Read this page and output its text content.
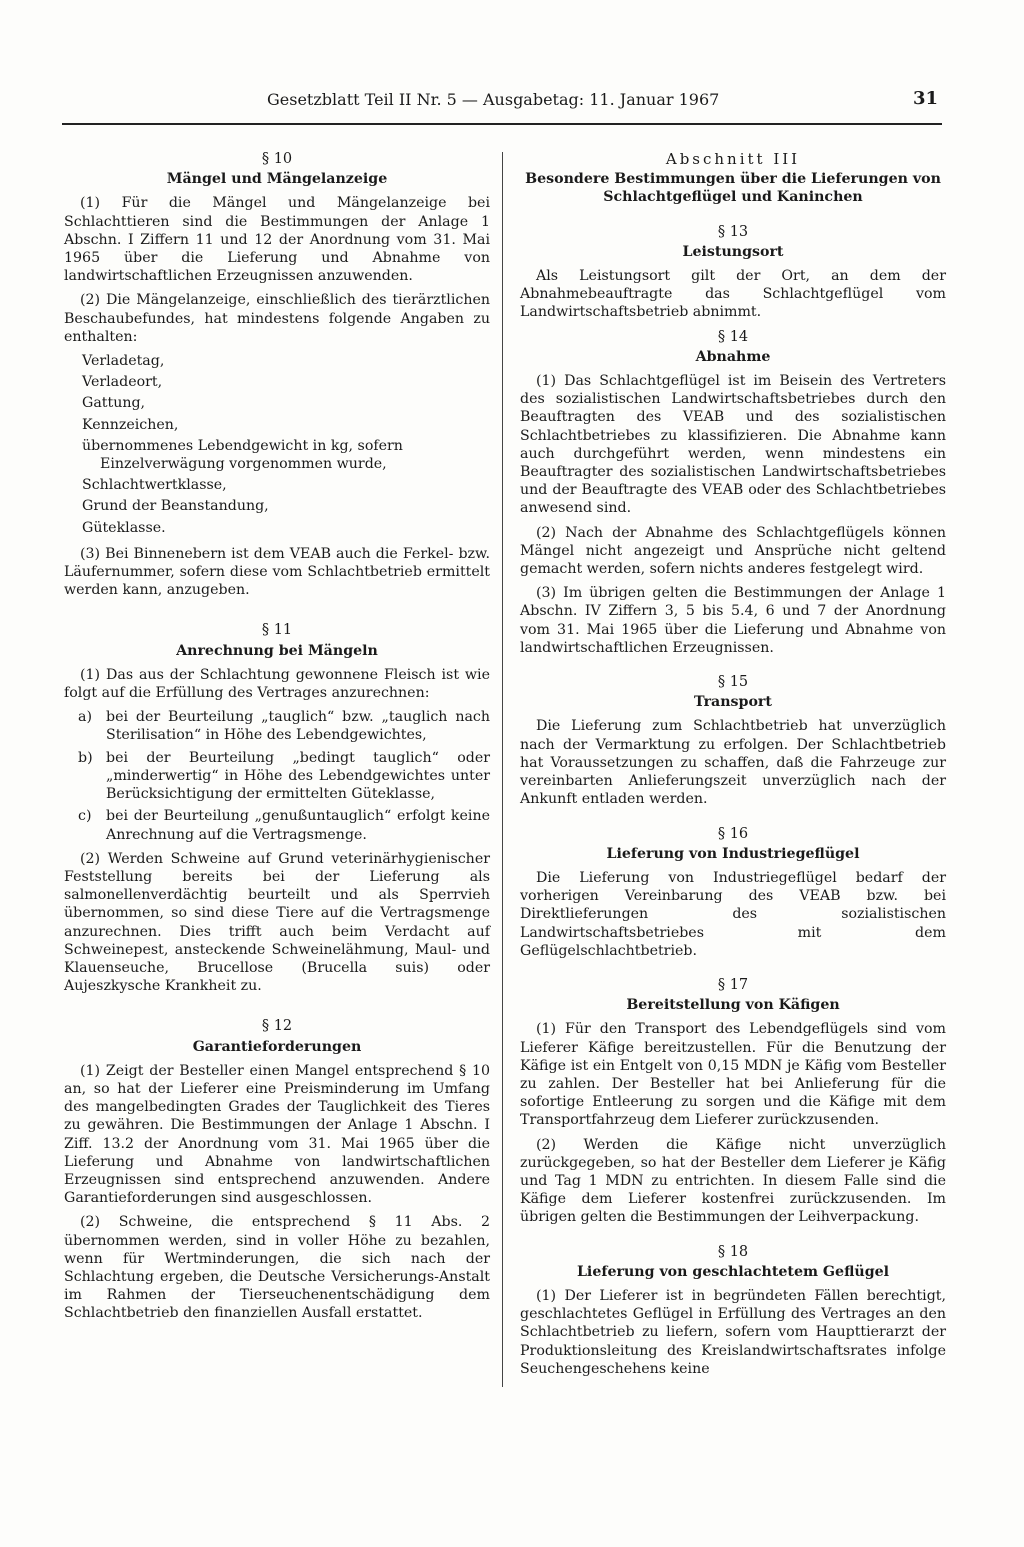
Gesetzblatt Teil II Nr. 5 — Ausgabetag: 11. Januar 1967	31
§ 10
Mängel und Mängelanzeige

(1) Für die Mängel und Mängelanzeige bei Schlachttieren sind die Bestimmungen der Anlage 1 Abschn. I Ziffern 11 und 12 der Anordnung vom 31. Mai 1965 über die Lieferung und Abnahme von landwirtschaftlichen Erzeugnissen anzuwenden.

(2) Die Mängelanzeige, einschließlich des tierärztlichen Beschaubefundes, hat mindestens folgende Angaben zu enthalten:

Verladetag,
Verladeort,
Gattung,
Kennzeichen,
übernommenes Lebendgewicht in kg, sofern Einzelverwägung vorgenommen wurde,
Schlachtwertklasse,
Grund der Beanstandung,
Güteklasse.

(3) Bei Binnenebern ist dem VEAB auch die Ferkel- bzw. Läufernummer, sofern diese vom Schlachtbetrieb ermittelt werden kann, anzugeben.

§ 11
Anrechnung bei Mängeln

(1) Das aus der Schlachtung gewonnene Fleisch ist wie folgt auf die Erfüllung des Vertrages anzurechnen:

a) bei der Beurteilung „tauglich“ bzw. „tauglich nach Sterilisation“ in Höhe des Lebendgewichtes,
b) bei der Beurteilung „bedingt tauglich“ oder „minderwertig“ in Höhe des Lebendgewichtes unter Berücksichtigung der ermittelten Güteklasse,
c) bei der Beurteilung „genußuntauglich“ erfolgt keine Anrechnung auf die Vertragsmenge.

(2) Werden Schweine auf Grund veterinärhygienischer Feststellung bereits bei der Lieferung als salmonellenverdächtig beurteilt und als Sperrvieh übernommen, so sind diese Tiere auf die Vertragsmenge anzurechnen. Dies trifft auch beim Verdacht auf Schweinepest, ansteckende Schweinelähmung, Maul- und Klauenseuche, Brucellose (Brucella suis) oder Aujeszkysche Krankheit zu.

§ 12
Garantieforderungen

(1) Zeigt der Besteller einen Mangel entsprechend § 10 an, so hat der Lieferer eine Preisminderung im Umfang des mangelbedingten Grades der Tauglichkeit des Tieres zu gewähren. Die Bestimmungen der Anlage 1 Abschn. I Ziff. 13.2 der Anordnung vom 31. Mai 1965 über die Lieferung und Abnahme von landwirtschaftlichen Erzeugnissen sind entsprechend anzuwenden. Andere Garantieforderungen sind ausgeschlossen.

(2) Schweine, die entsprechend § 11 Abs. 2 übernommen werden, sind in voller Höhe zu bezahlen, wenn für Wertminderungen, die sich nach der Schlachtung ergeben, die Deutsche Versicherungs-Anstalt im Rahmen der Tierseuchenentschädigung dem Schlachtbetrieb den finanziellen Ausfall erstattet.

Abschnitt III
Besondere Bestimmungen über die Lieferungen von Schlachtgeflügel und Kaninchen
§ 13
Leistungsort

Als Leistungsort gilt der Ort, an dem der Abnahmebeauftragte das Schlachtgeflügel vom Landwirtschaftsbetrieb abnimmt.

§ 14
Abnahme

(1) Das Schlachtgeflügel ist im Beisein des Vertreters des sozialistischen Landwirtschaftsbetriebes durch den Beauftragten des VEAB und des sozialistischen Schlachtbetriebes zu klassifizieren. Die Abnahme kann auch durchgeführt werden, wenn mindestens ein Beauftragter des sozialistischen Landwirtschaftsbetriebes und der Beauftragte des VEAB oder des Schlachtbetriebes anwesend sind.

(2) Nach der Abnahme des Schlachtgeflügels können Mängel nicht angezeigt und Ansprüche nicht geltend gemacht werden, sofern nichts anderes festgelegt wird.

(3) Im übrigen gelten die Bestimmungen der Anlage 1 Abschn. IV Ziffern 3, 5 bis 5.4, 6 und 7 der Anordnung vom 31. Mai 1965 über die Lieferung und Abnahme von landwirtschaftlichen Erzeugnissen.

§ 15
Transport

Die Lieferung zum Schlachtbetrieb hat unverzüglich nach der Vermarktung zu erfolgen. Der Schlachtbetrieb hat Voraussetzungen zu schaffen, daß die Fahrzeuge zur vereinbarten Anlieferungszeit unverzüglich nach der Ankunft entladen werden.

§ 16
Lieferung von Industriegeflügel

Die Lieferung von Industriegeflügel bedarf der vorherigen Vereinbarung des VEAB bzw. bei Direktlieferungen des sozialistischen Landwirtschaftsbetriebes mit dem Geflügelschlachtbetrieb.

§ 17
Bereitstellung von Käfigen

(1) Für den Transport des Lebendgeflügels sind vom Lieferer Käfige bereitzustellen. Für die Benutzung der Käfige ist ein Entgelt von 0,15 MDN je Käfig vom Besteller zu zahlen. Der Besteller hat bei Anlieferung für die sofortige Entleerung zu sorgen und die Käfige mit dem Transportfahrzeug dem Lieferer zurückzusenden.

(2) Werden die Käfige nicht unverzüglich zurückgegeben, so hat der Besteller dem Lieferer je Käfig und Tag 1 MDN zu entrichten. In diesem Falle sind die Käfige dem Lieferer kostenfrei zurückzusenden. Im übrigen gelten die Bestimmungen der Leihverpackung.

§ 18
Lieferung von geschlachtetem Geflügel

(1) Der Lieferer ist in begründeten Fällen berechtigt, geschlachtetes Geflügel in Erfüllung des Vertrages an den Schlachtbetrieb zu liefern, sofern vom Haupttierarzt der Produktionsleitung des Kreislandwirtschaftsrates infolge Seuchengeschehens keine
